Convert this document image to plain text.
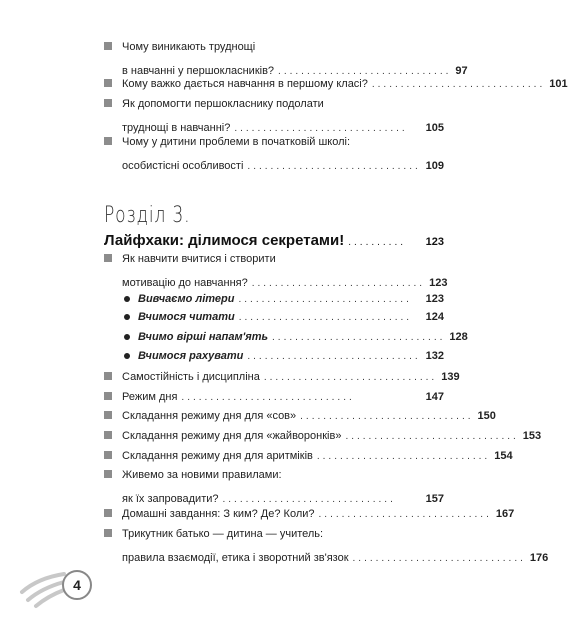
Чому виникають труднощі
в навчанні у першокласників? .............................. 97
Кому важко дається навчання в першому класі? .............................. 101
Як допомогти першокласнику подолати
труднощі в навчанні? ..............................	105
Чому у дитини проблеми в початковій школі:
особистісні особливості .............................. 109
Розділ 3.
Лайфхаки: ділимося секретами! ..........	123
Як навчити вчитися і створити
мотивацію до навчання? .............................. 123
Вивчаємо літери ..............................	123
Вчимося читати ..............................	124
Вчимо вірші напам'ять .............................. 128
Вчимося рахувати .............................. 132
Самостійність і дисципліна .............................. 139
Режим дня ..............................	147
Складання режиму дня для «сов» .............................. 150
Складання режиму дня для «жайворонків» .............................. 153
Складання режиму дня для аритміків .............................. 154
Живемо за новими правилами:
як їх запровадити? ..............................	157
Домашні завдання: З ким? Де? Коли? .............................. 167
Трикутник батько — дитина — учитель:
правила взаємодії, етика і зворотний зв'язок .............................. 176
4
